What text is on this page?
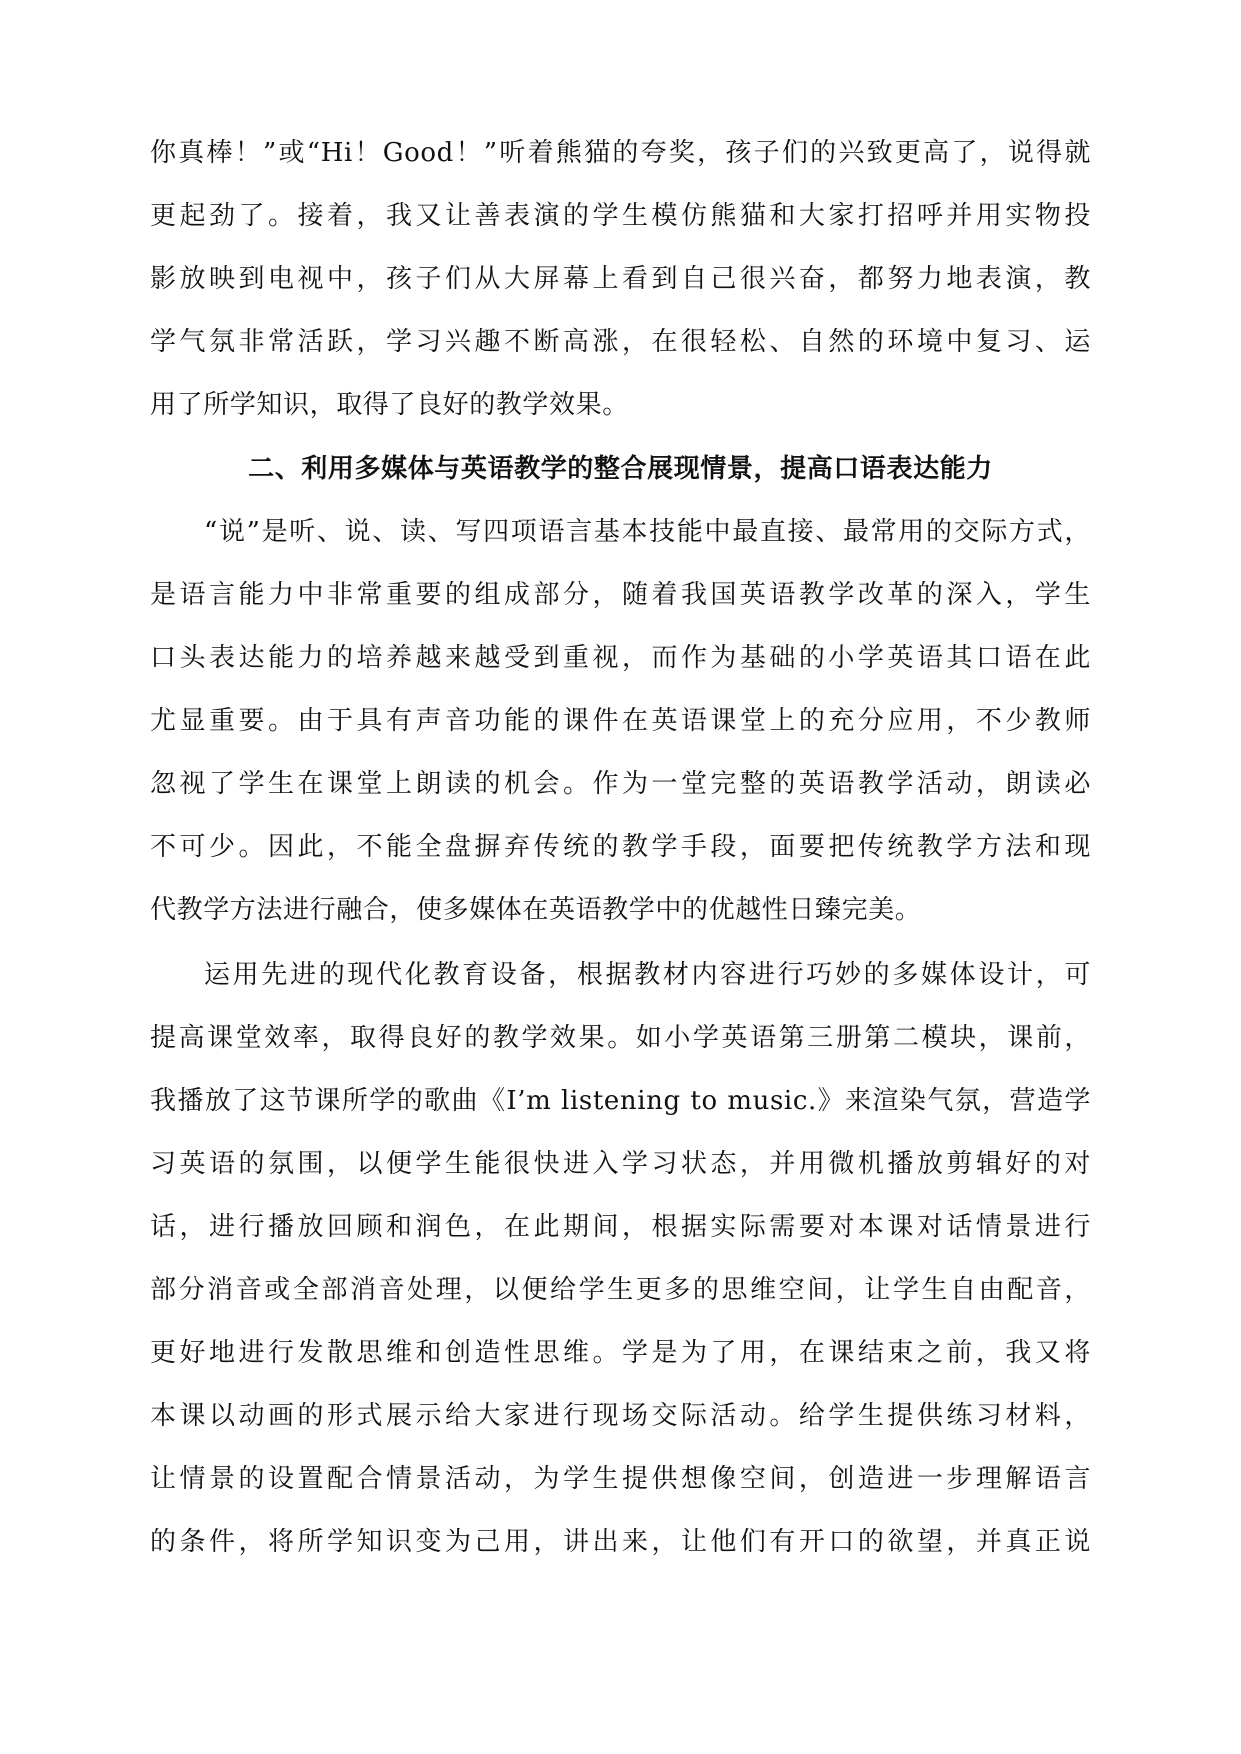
你真棒！”或“Hi！Good！”听着熊猫的夸奖，孩子们的兴致更高了，说得就
更起劲了。接着，我又让善表演的学生模仿熊猫和大家打招呼并用实物投
影放映到电视中，孩子们从大屏幕上看到自己很兴奋，都努力地表演，教
学气氛非常活跃，学习兴趣不断高涨，在很轻松、自然的环境中复习、运
用了所学知识，取得了良好的教学效果。
二、利用多媒体与英语教学的整合展现情景，提高口语表达能力
“说”是听、说、读、写四项语言基本技能中最直接、最常用的交际方式，
是语言能力中非常重要的组成部分，随着我国英语教学改革的深入，学生
口头表达能力的培养越来越受到重视，而作为基础的小学英语其口语在此
尤显重要。由于具有声音功能的课件在英语课堂上的充分应用，不少教师
忽视了学生在课堂上朗读的机会。作为一堂完整的英语教学活动，朗读必
不可少。因此，不能全盘摒弃传统的教学手段，面要把传统教学方法和现
代教学方法进行融合，使多媒体在英语教学中的优越性日臻完美。
运用先进的现代化教育设备，根据教材内容进行巧妙的多媒体设计，可
提高课堂效率，取得良好的教学效果。如小学英语第三册第二模块，课前，
我播放了这节课所学的歌曲《I’m listening to music.》来渲染气氛，营造学
习英语的氛围，以便学生能很快进入学习状态，并用微机播放剪辑好的对
话，进行播放回顾和润色，在此期间，根据实际需要对本课对话情景进行
部分消音或全部消音处理，以便给学生更多的思维空间，让学生自由配音，
更好地进行发散思维和创造性思维。学是为了用，在课结束之前，我又将
本课以动画的形式展示给大家进行现场交际活动。给学生提供练习材料，
让情景的设置配合情景活动，为学生提供想像空间，创造进一步理解语言
的条件，将所学知识变为己用，讲出来，让他们有开口的欲望，并真正说
